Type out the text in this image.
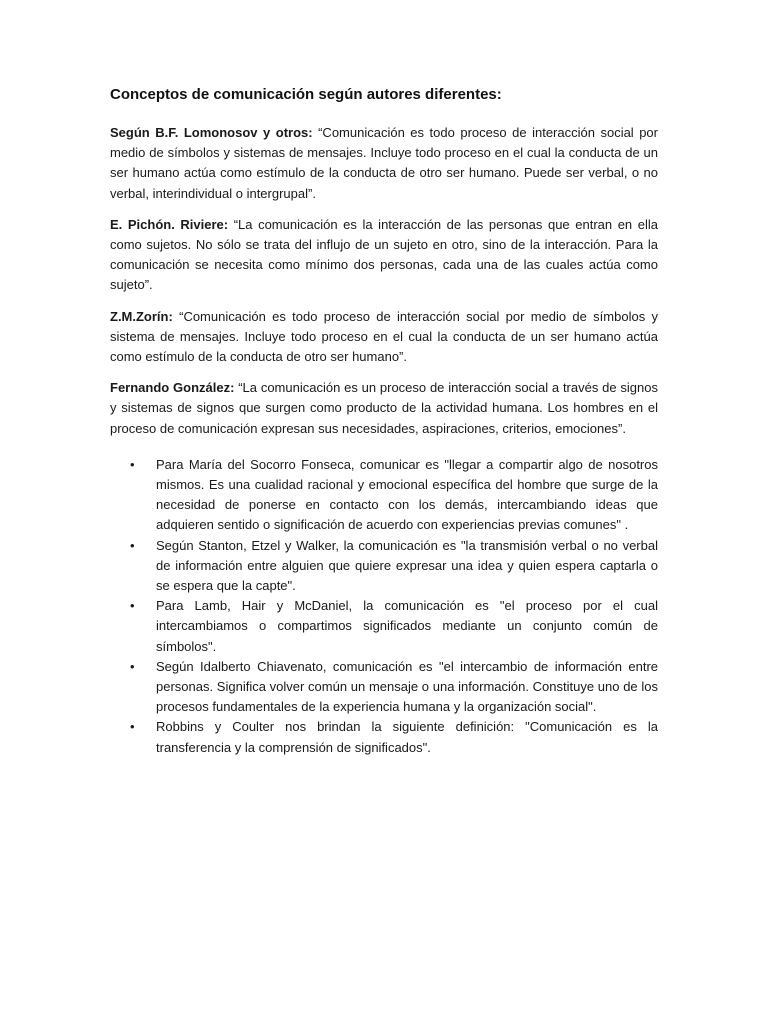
Conceptos de comunicación según autores diferentes:

Según B.F. Lomonosov y otros: “Comunicación es todo proceso de interacción social por medio de símbolos y sistemas de mensajes. Incluye todo proceso en el cual la conducta de un ser humano actúa como estímulo de la conducta de otro ser humano. Puede ser verbal, o no verbal, interindividual o intergrupal”.

E. Pichón. Riviere: “La comunicación es la interacción de las personas que entran en ella como sujetos. No sólo se trata del influjo de un sujeto en otro, sino de la interacción. Para la comunicación se necesita como mínimo dos personas, cada una de las cuales actúa como sujeto”.

Z.M.Zorín: “Comunicación es todo proceso de interacción social por medio de símbolos y sistema de mensajes. Incluye todo proceso en el cual la conducta de un ser humano actúa como estímulo de la conducta de otro ser humano”.

Fernando González: “La comunicación es un proceso de interacción social a través de signos y sistemas de signos que surgen como producto de la actividad humana. Los hombres en el proceso de comunicación expresan sus necesidades, aspiraciones, criterios, emociones”.

• Para María del Socorro Fonseca, comunicar es "llegar a compartir algo de nosotros mismos. Es una cualidad racional y emocional específica del hombre que surge de la necesidad de ponerse en contacto con los demás, intercambiando ideas que adquieren sentido o significación de acuerdo con experiencias previas comunes" .
• Según Stanton, Etzel y Walker, la comunicación es "la transmisión verbal o no verbal de información entre alguien que quiere expresar una idea y quien espera captarla o se espera que la capte".
• Para Lamb, Hair y McDaniel, la comunicación es "el proceso por el cual intercambiamos o compartimos significados mediante un conjunto común de símbolos".
• Según Idalberto Chiavenato, comunicación es "el intercambio de información entre personas. Significa volver común un mensaje o una información. Constituye uno de los procesos fundamentales de la experiencia humana y la organización social".
• Robbins y Coulter nos brindan la siguiente definición: "Comunicación es la transferencia y la comprensión de significados".
